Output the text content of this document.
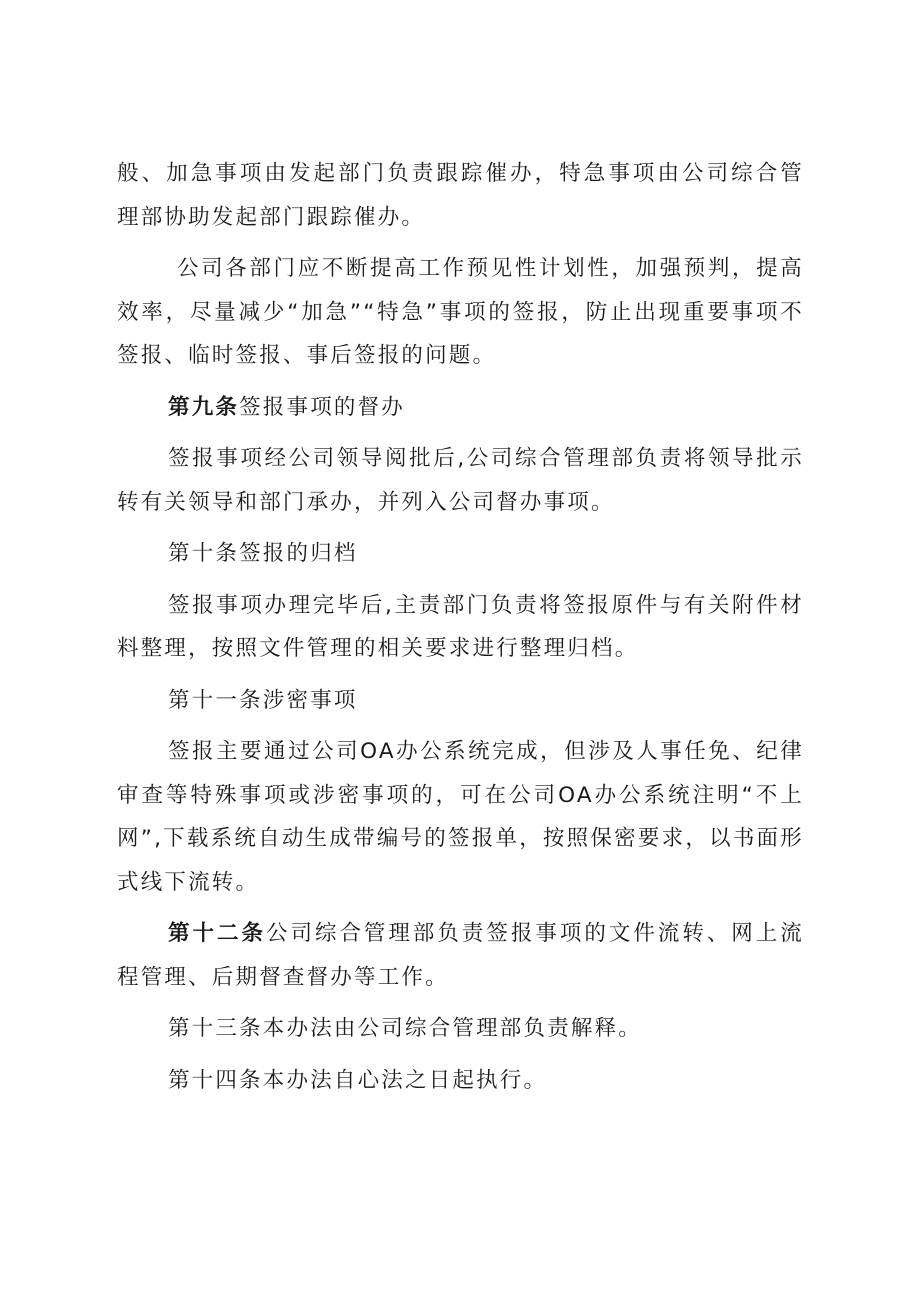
般、加急事项由发起部门负责跟踪催办，特急事项由公司综合管理部协助发起部门跟踪催办。

公司各部门应不断提高工作预见性计划性，加强预判，提高效率，尽量减少“加急”“特急”事项的签报，防止出现重要事项不签报、临时签报、事后签报的问题。

第九条签报事项的督办

签报事项经公司领导阅批后,公司综合管理部负责将领导批示转有关领导和部门承办，并列入公司督办事项。

第十条签报的归档

签报事项办理完毕后,主责部门负责将签报原件与有关附件材料整理，按照文件管理的相关要求进行整理归档。

第十一条涉密事项

签报主要通过公司OA办公系统完成，但涉及人事任免、纪律审查等特殊事项或涉密事项的，可在公司OA办公系统注明“不上网”,下载系统自动生成带编号的签报单，按照保密要求，以书面形式线下流转。

第十二条公司综合管理部负责签报事项的文件流转、网上流程管理、后期督查督办等工作。

第十三条本办法由公司综合管理部负责解释。

第十四条本办法自心法之日起执行。
